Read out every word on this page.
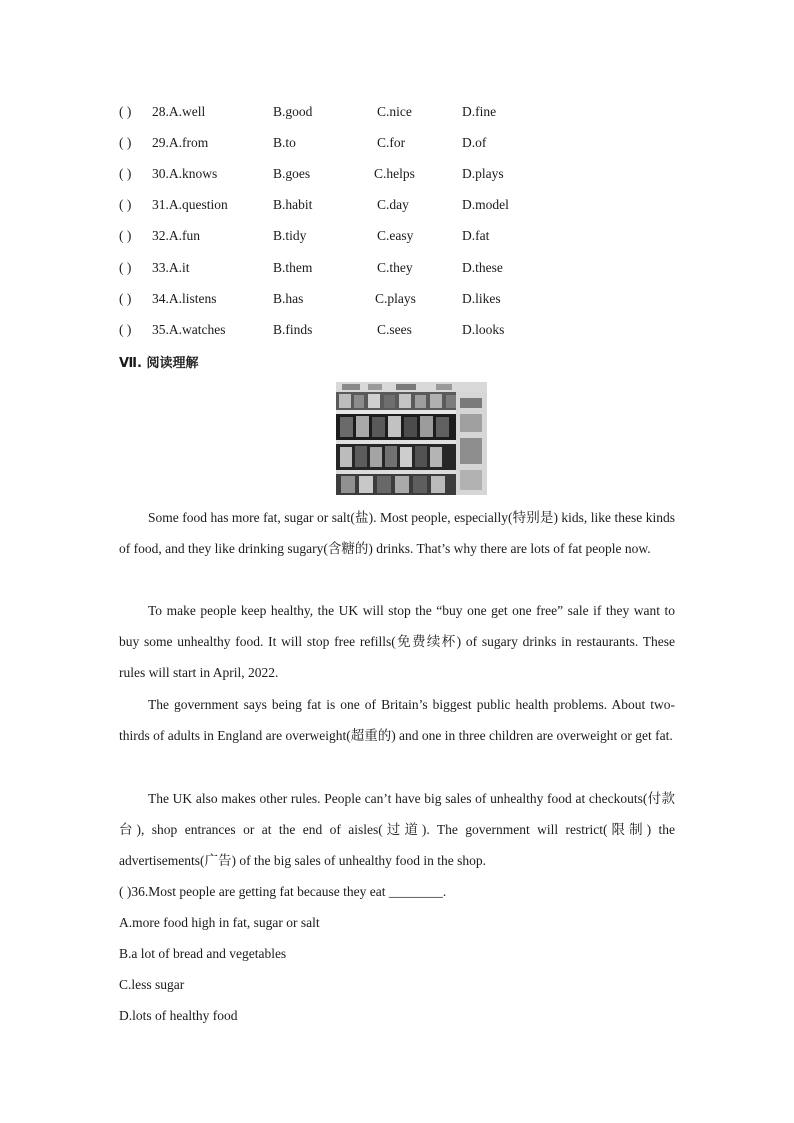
( ) 28.A.well	B.good	C.nice	D.fine
( ) 29.A.from	B.to	C.for	D.of
( ) 30.A.knows	B.goes	C.helps	D.plays
( ) 31.A.question	B.habit	C.day	D.model
( ) 32.A.fun	B.tidy	C.easy	D.fat
( ) 33.A.it	B.them	C.they	D.these
( ) 34.A.listens	B.has	C.plays	D.likes
( ) 35.A.watches	B.finds	C.sees	D.looks
Ⅶ. 阅读理解

Some food has more fat, sugar or salt(盐). Most people, especially(特别是) kids, like these kinds of food, and they like drinking sugary(含糖的) drinks. That’s why there are lots of fat people now.

To make people keep healthy, the UK will stop the “buy one get one free” sale if they want to buy some unhealthy food. It will stop free refills(免费续杯) of sugary drinks in restaurants. These rules will start in April, 2022.

The government says being fat is one of Britain’s biggest public health problems. About two-thirds of adults in England are overweight(超重的) and one in three children are overweight or get fat.

The UK also makes other rules. People can’t have big sales of unhealthy food at checkouts(付款台), shop entrances or at the end of aisles(过道). The government will restrict(限制) the advertisements(广告) of the big sales of unhealthy food in the shop.

( )36.Most people are getting fat because they eat ________.
A.more food high in fat, sugar or salt
B.a lot of bread and vegetables
C.less sugar
D.lots of healthy food
